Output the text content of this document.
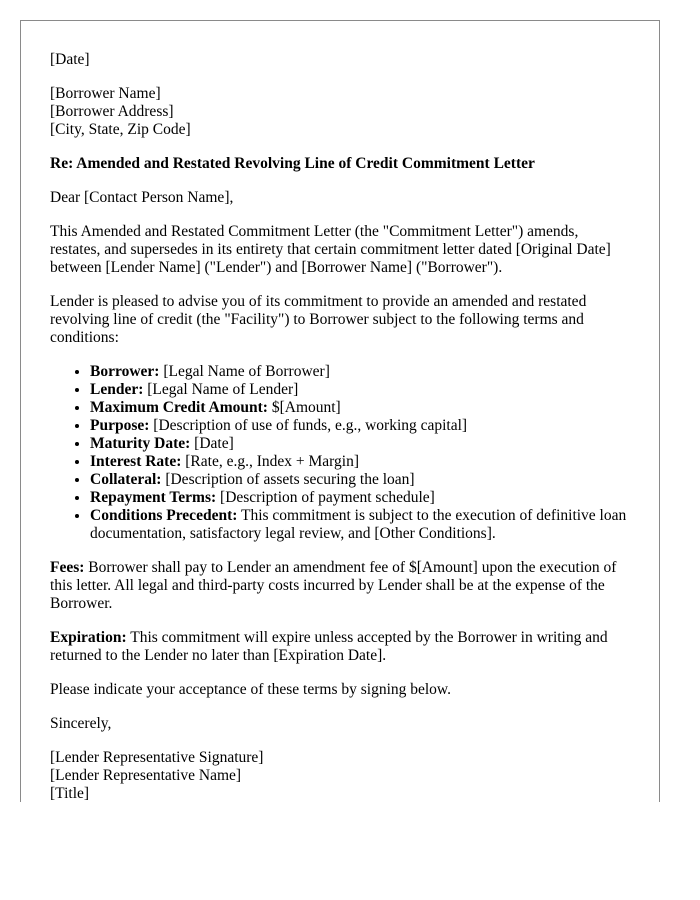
[Date]

[Borrower Name]
[Borrower Address]
[City, State, Zip Code]

Re: Amended and Restated Revolving Line of Credit Commitment Letter

Dear [Contact Person Name],

This Amended and Restated Commitment Letter (the "Commitment Letter") amends, restates, and supersedes in its entirety that certain commitment letter dated [Original Date] between [Lender Name] ("Lender") and [Borrower Name] ("Borrower").

Lender is pleased to advise you of its commitment to provide an amended and restated revolving line of credit (the "Facility") to Borrower subject to the following terms and conditions:

• Borrower: [Legal Name of Borrower]
• Lender: [Legal Name of Lender]
• Maximum Credit Amount: $[Amount]
• Purpose: [Description of use of funds, e.g., working capital]
• Maturity Date: [Date]
• Interest Rate: [Rate, e.g., Index + Margin]
• Collateral: [Description of assets securing the loan]
• Repayment Terms: [Description of payment schedule]
• Conditions Precedent: This commitment is subject to the execution of definitive loan documentation, satisfactory legal review, and [Other Conditions].

Fees: Borrower shall pay to Lender an amendment fee of $[Amount] upon the execution of this letter. All legal and third-party costs incurred by Lender shall be at the expense of the Borrower.

Expiration: This commitment will expire unless accepted by the Borrower in writing and returned to the Lender no later than [Expiration Date].

Please indicate your acceptance of these terms by signing below.

Sincerely,

[Lender Representative Signature]
[Lender Representative Name]
[Title]
